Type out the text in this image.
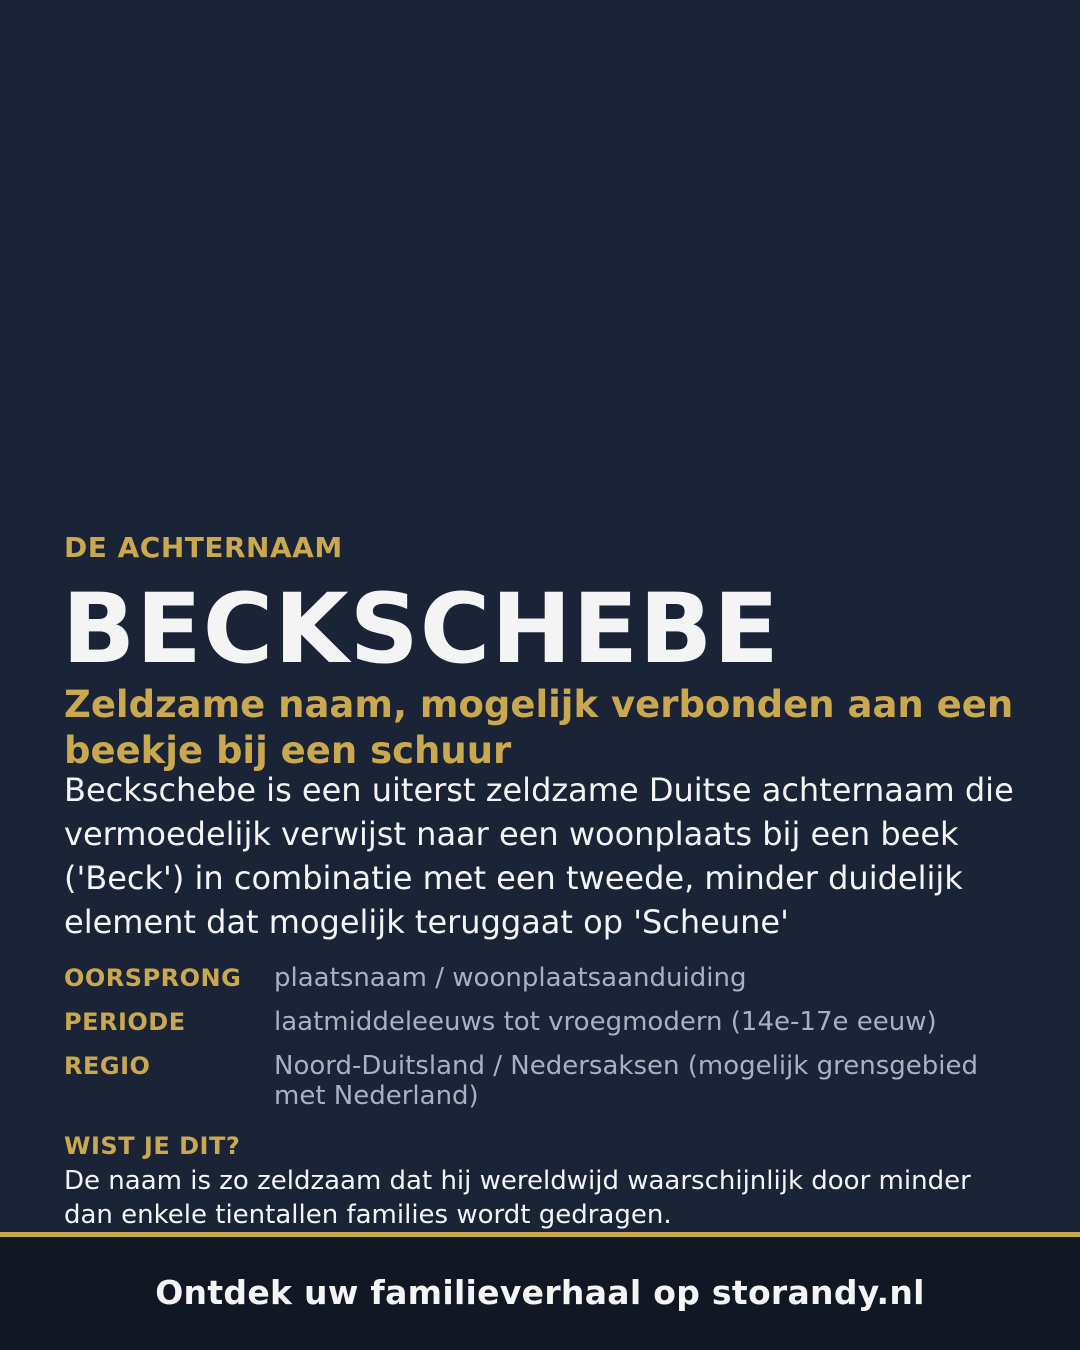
DE ACHTERNAAM

BECKSCHEBE
Zeldzame naam, mogelijk verbonden aan een beekje bij een schuur

Beckschebe is een uiterst zeldzame Duitse achternaam die vermoedelijk verwijst naar een woonplaats bij een beek ('Beck') in combinatie met een tweede, minder duidelijk element dat mogelijk teruggaat op 'Scheune'

OORSPRONG	plaatsnaam / woonplaatsaanduiding
PERIODE	laatmiddeleeuws tot vroegmodern (14e-17e eeuw)
REGIO	Noord-Duitsland / Nedersaksen (mogelijk grensgebied met Nederland)

WIST JE DIT?

De naam is zo zeldzaam dat hij wereldwijd waarschijnlijk door minder dan enkele tientallen families wordt gedragen.

Ontdek uw familieverhaal op storandy.nl
